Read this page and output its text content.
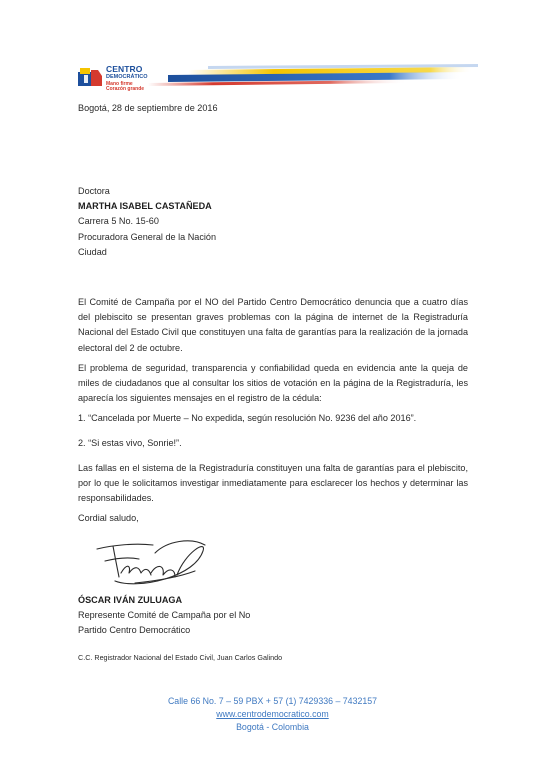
CENTRO
DEMOCRÁTICO
Mano firme
Corazón grande
Bogotá, 28 de septiembre de 2016
Doctora
MARTHA ISABEL CASTAÑEDA
Carrera 5 No. 15-60
Procuradora General de la Nación
Ciudad
El Comité de Campaña por el NO del Partido Centro Democrático denuncia que a cuatro días del plebiscito se presentan graves problemas con la página de internet de la Registraduría Nacional del Estado Civil que constituyen una falta de garantías para la realización de la jornada electoral del 2 de octubre.
El problema de seguridad, transparencia y confiabilidad queda en evidencia ante la queja de miles de ciudadanos que al consultar los sitios de votación en la página de la Registraduría, les aparecía los siguientes mensajes en el registro de la cédula:
1. “Cancelada por Muerte – No expedida, según resolución No. 9236 del año 2016”.
2. “Si estas vivo, Sonrie!”.
Las fallas en el sistema de la Registraduría constituyen una falta de garantías para el plebiscito, por lo que le solicitamos investigar inmediatamente para esclarecer los hechos y determinar las responsabilidades.
Cordial saludo,
ÓSCAR IVÁN ZULUAGA
Represente Comité de Campaña por el No
Partido Centro Democrático
C.C. Registrador Nacional del Estado Civil, Juan Carlos Galindo
Calle 66 No. 7 – 59 PBX + 57 (1) 7429336 – 7432157
www.centrodemocratico.com
Bogotá - Colombia
